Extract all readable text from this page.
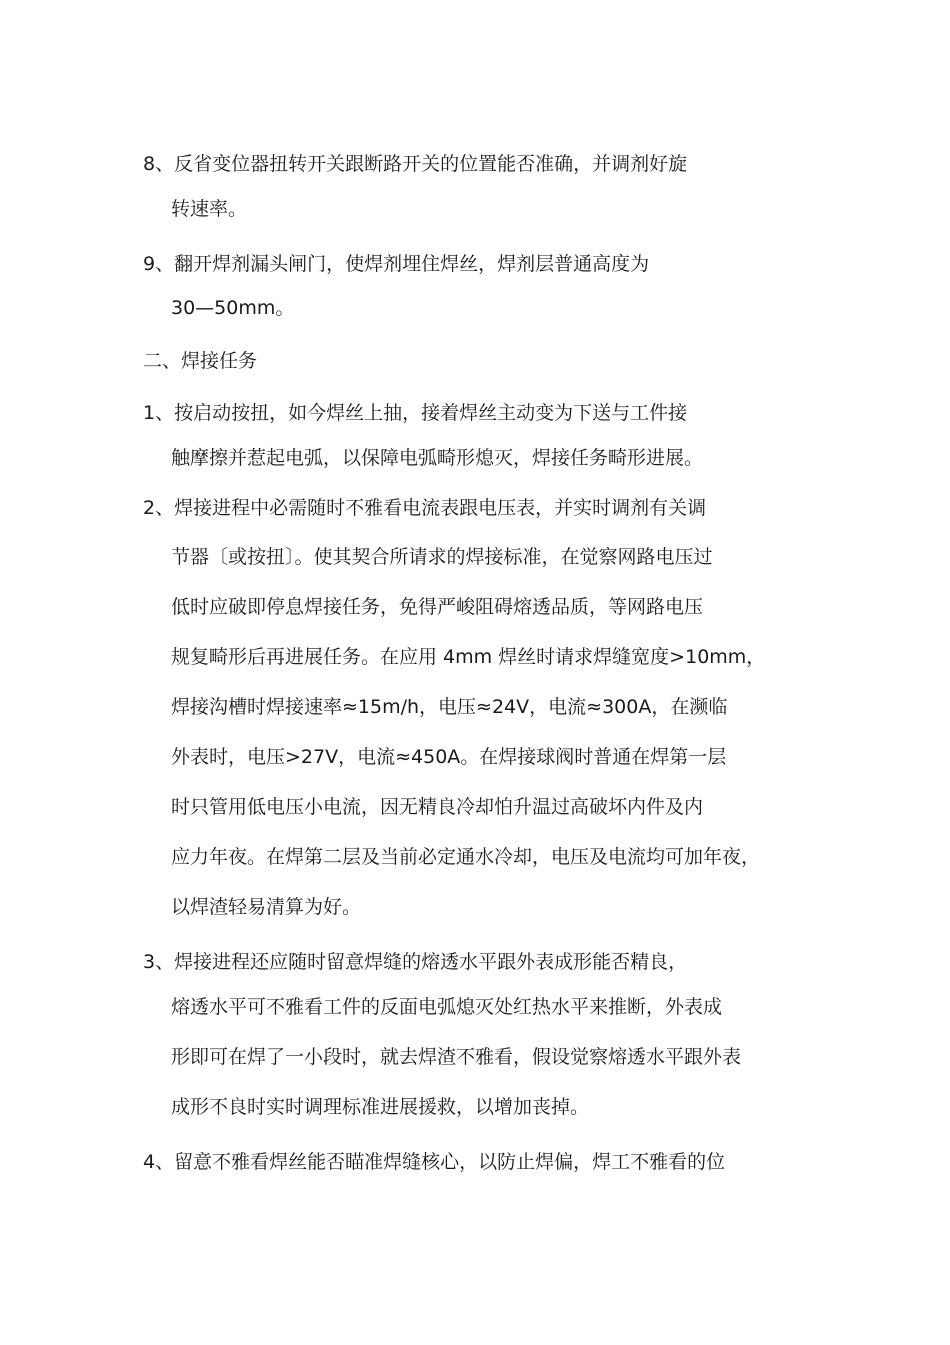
8、反省变位器扭转开关跟断路开关的位置能否准确，并调剂好旋
转速率。
9、翻开焊剂漏头闸门，使焊剂埋住焊丝，焊剂层普通高度为
30—50mm。
二、焊接任务
1、按启动按扭，如今焊丝上抽，接着焊丝主动变为下送与工件接
触摩擦并惹起电弧，以保障电弧畸形熄灭，焊接任务畸形进展。
2、焊接进程中必需随时不雅看电流表跟电压表，并实时调剂有关调
节器〔或按扭〕。使其契合所请求的焊接标准，在觉察网路电压过
低时应破即停息焊接任务，免得严峻阻碍熔透品质，等网路电压
规复畸形后再进展任务。在应用 4mm 焊丝时请求焊缝宽度>10mm，
焊接沟槽时焊接速率≈15m/h，电压≈24V，电流≈300A，在濒临
外表时，电压>27V，电流≈450A。在焊接球阀时普通在焊第一层
时只管用低电压小电流，因无精良冷却怕升温过高破坏内件及内
应力年夜。在焊第二层及当前必定通水冷却，电压及电流均可加年夜，
以焊渣轻易清算为好。
3、焊接进程还应随时留意焊缝的熔透水平跟外表成形能否精良，
熔透水平可不雅看工件的反面电弧熄灭处红热水平来推断，外表成
形即可在焊了一小段时，就去焊渣不雅看，假设觉察熔透水平跟外表
成形不良时实时调理标准进展援救，以增加丧掉。
4、留意不雅看焊丝能否瞄准焊缝核心，以防止焊偏，焊工不雅看的位
